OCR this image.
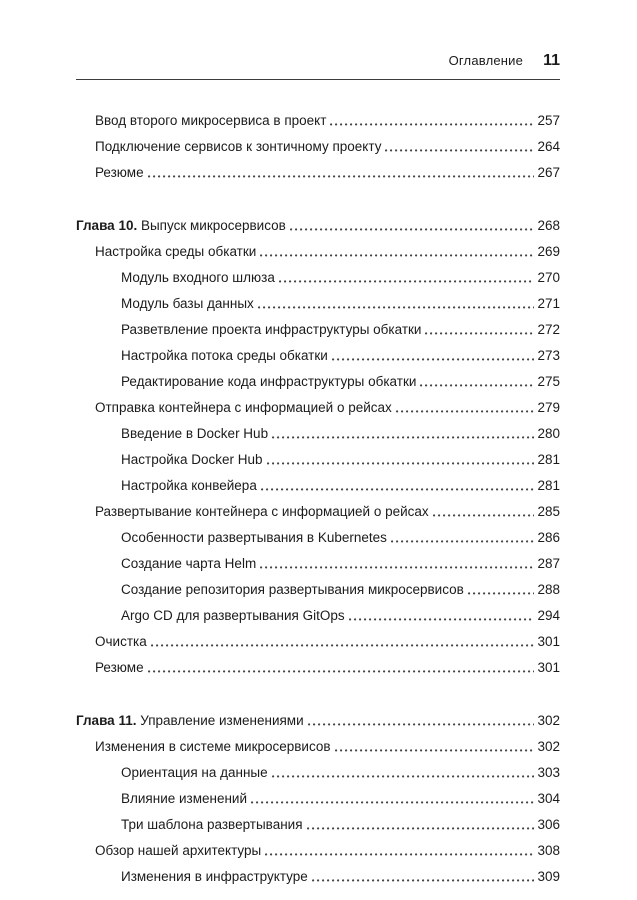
Оглавление 11
Ввод второго микросервиса в проект	257
Подключение сервисов к зонтичному проекту	264
Резюме	267
Глава 10. Выпуск микросервисов	268
Настройка среды обкатки	269
Модуль входного шлюза	270
Модуль базы данных	271
Разветвление проекта инфраструктуры обкатки	272
Настройка потока среды обкатки	273
Редактирование кода инфраструктуры обкатки	275
Отправка контейнера с информацией о рейсах	279
Введение в Docker Hub	280
Настройка Docker Hub	281
Настройка конвейера	281
Развертывание контейнера с информацией о рейсах	285
Особенности развертывания в Kubernetes	286
Создание чарта Helm	287
Создание репозитория развертывания микросервисов	288
Argo CD для развертывания GitOps	294
Очистка	301
Резюме	301
Глава 11. Управление изменениями	302
Изменения в системе микросервисов	302
Ориентация на данные	303
Влияние изменений	304
Три шаблона развертывания	306
Обзор нашей архитектуры	308
Изменения в инфраструктуре	309
